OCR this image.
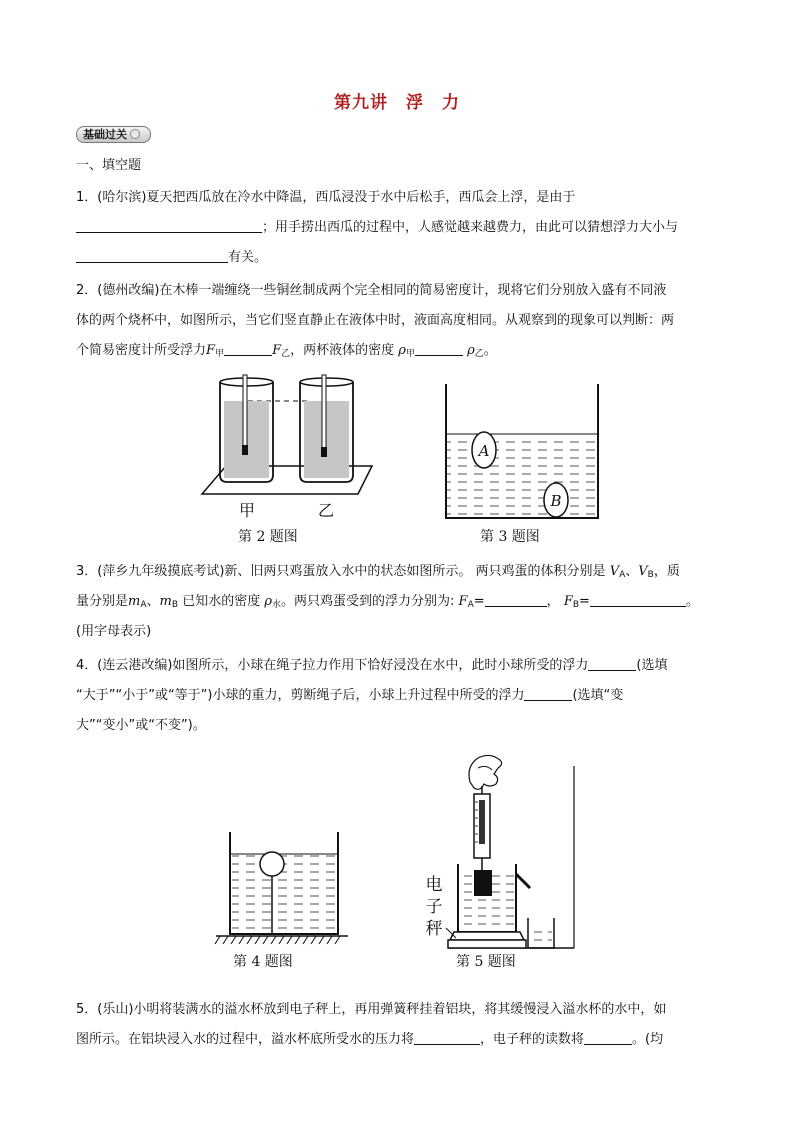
第九讲　浮　力
基础过关
一、填空题
1．(哈尔滨)夏天把西瓜放在冷水中降温，西瓜浸没于水中后松手，西瓜会上浮，是由于
；用手捞出西瓜的过程中，人感觉越来越费力，由此可以猜想浮力大小与
有关。
2．(德州改编)在木棒一端缠绕一些铜丝制成两个完全相同的简易密度计，现将它们分别放入盛有不同液
体的两个烧杯中，如图所示，当它们竖直静止在液体中时，液面高度相同。从观察到的现象可以判断：两
个简易密度计所受浮力$F_甲$	$F_乙$，两杯液体的密度 $\rho_甲$	$\rho_乙$。
甲	乙
第 2 题图
A
B
第 3 题图
3．(萍乡九年级摸底考试)新、旧两只鸡蛋放入水中的状态如图所示。 两只鸡蛋的体积分别是 $V_A$、$V_B$，质
量分别是$m_A$、$m_B$ 已知水的密度 $\rho_水$。两只鸡蛋受到的浮力分别为: $F_A=$	， $F_B=$	。
(用字母表示)
4．(连云港改编)如图所示，小球在绳子拉力作用下恰好浸没在水中，此时小球所受的浮力	(选填
“大于”“小于”或“等于”)小球的重力，剪断绳子后，小球上升过程中所受的浮力	(选填“变
大”“变小”或“不变”)。
第 4 题图
电
子
秤
第 5 题图
5．(乐山)小明将装满水的溢水杯放到电子秤上，再用弹簧秤挂着铝块，将其缓慢浸入溢水杯的水中，如
图所示。在铝块浸入水的过程中，溢水杯底所受水的压力将	，电子秤的读数将	。(均
